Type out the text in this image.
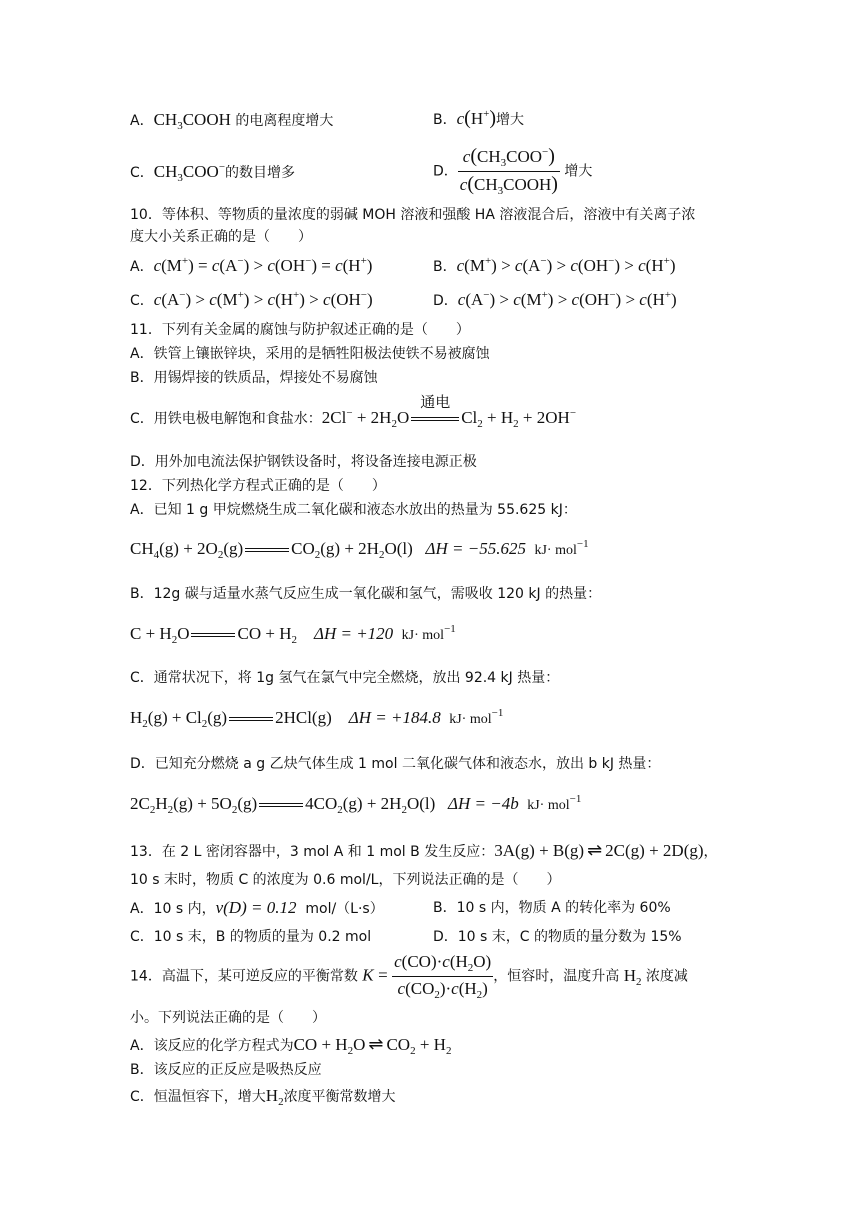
A．$CH_3COOH$ 的电离程度增大	B．c(H+)增大
C．$CH_3COO^-$的数目增多	D． $\frac{c(CH_3COO^-)}{c(CH_3COOH)}$ 增大
10．等体积、等物质的量浓度的弱碱 MOH 溶液和强酸 HA 溶液混合后，溶液中有关离子浓
度大小关系正确的是（　　）
A．c(M+) = c(A−) > c(OH−) = c(H+)	B．c(M+) > c(A−) > c(OH−) > c(H+)
C．c(A−) > c(M+) > c(H+) > c(OH−)	D．c(A−) > c(M+) > c(OH−) > c(H+)
11．下列有关金属的腐蚀与防护叙述正确的是（　　）
A．铁管上镶嵌锌块，采用的是牺牲阳极法使铁不易被腐蚀
B．用锡焊接的铁质品，焊接处不易腐蚀
C．用铁电极电解饱和食盐水：$2Cl^- + 2H_2O$
通电
$Cl_2 + H_2 + 2OH^-$
D．用外加电流法保护钢铁设备时，将设备连接电源正极
12．下列热化学方程式正确的是（　　）
A．已知 1 g 甲烷燃烧生成二氧化碳和液态水放出的热量为 55.625 kJ：
$CH_4(g) + 2O_2(g)$	$CO_2(g) + 2H_2O(l) \Delta H = -55.625$ kJ· mol$^{-1}$
B．12g 碳与适量水蒸气反应生成一氧化碳和氢气，需吸收 120 kJ 的热量：
$C + H_2O$	CO + $H_2$ ΔH = +120 kJ· mol$^{-1}$
C．通常状况下，将 1g 氢气在氯气中完全燃烧，放出 92.4 kJ 热量：
$H_2(g) + Cl_2(g)$	2HCl(g)    ΔH = +184.8 kJ· mol$^{-1}$
D．已知充分燃烧 a g 乙炔气体生成 1 mol 二氧化碳气体和液态水，放出 b kJ 热量：
$2C_2H_2(g) + 5O_2(g)$	$4CO_2(g) + 2H_2O(l) \Delta H = -4b$ kJ· mol$^{-1}$
13．在 2 L 密闭容器中，3 mol A 和 1 mol B 发生反应：3A(g) + B(g) ⇌ 2C(g) + 2D(g)，
10 s 末时，物质 C 的浓度为 0.6 mol/L，下列说法正确的是（　　）
A．10 s 内，v(D) = 0.12 mol/（L·s）	B．10 s 内，物质 A 的转化率为 60%
C．10 s 末，B 的物质的量为 0.2 mol	D．10 s 末，C 的物质的量分数为 15%
14．高温下，某可逆反应的平衡常数 $K = \frac{c(CO)\cdot c(H_2O)}{c(CO_2)\cdot c(H_2)}$ ，恒容时，温度升高 $H_2$ 浓度减
小。下列说法正确的是（　　）
A．该反应的化学方程式为CO + $H_2O$ ⇌ $CO_2 + H_2$
B．该反应的正反应是吸热反应
C．恒温恒容下，增大$H_2$浓度平衡常数增大
